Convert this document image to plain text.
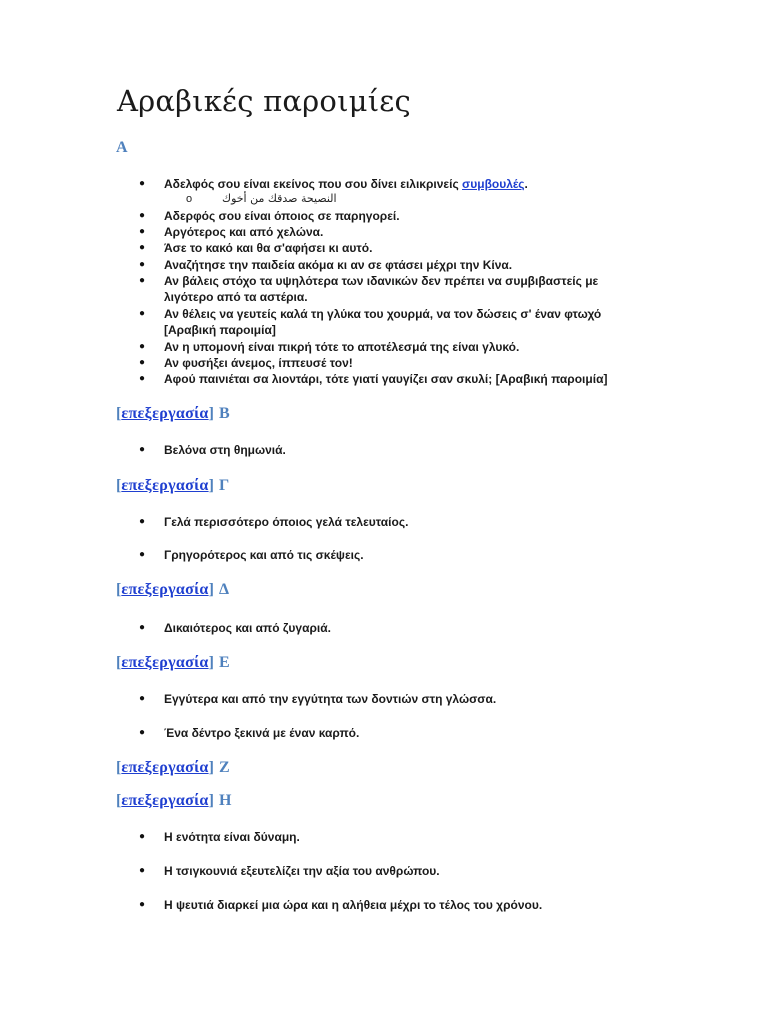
Αραβικές παροιμίες
Α
● Αδελφός σου είναι εκείνος που σου δίνει ειλικρινείς συμβουλές.
o	النصيحة صدقك من أخوك
● Αδερφός σου είναι όποιος σε παρηγορεί.
● Αργότερος και από χελώνα.
● Άσε το κακό και θα σ'αφήσει κι αυτό.
● Αναζήτησε την παιδεία ακόμα κι αν σε φτάσει μέχρι την Κίνα.
● Αν βάλεις στόχο τα υψηλότερα των ιδανικών δεν πρέπει να συμβιβαστείς με
λιγότερο από τα αστέρια.
● Αν θέλεις να γευτείς καλά τη γλύκα του χουρμά, να τον δώσεις σ' έναν φτωχό
[Αραβική παροιμία]
● Αν η υπομονή είναι πικρή τότε το αποτέλεσμά της είναι γλυκό.
● Αν φυσήξει άνεμος, ίππευσέ τον!
● Αφού παινιέται σα λιοντάρι, τότε γιατί γαυγίζει σαν σκυλί; [Αραβική παροιμία]
[επεξεργασία] Β
● Βελόνα στη θημωνιά.
[επεξεργασία] Γ
● Γελά περισσότερο όποιος γελά τελευταίος.
● Γρηγορότερος και από τις σκέψεις.
[επεξεργασία] Δ
● Δικαιότερος και από ζυγαριά.
[επεξεργασία] Ε
● Εγγύτερα και από την εγγύτητα των δοντιών στη γλώσσα.
● Ένα δέντρο ξεκινά με έναν καρπό.
[επεξεργασία] Ζ
[επεξεργασία] Η
● Η ενότητα είναι δύναμη.
● Η τσιγκουνιά εξευτελίζει την αξία του ανθρώπου.
● Η ψευτιά διαρκεί μια ώρα και η αλήθεια μέχρι το τέλος του χρόνου.
